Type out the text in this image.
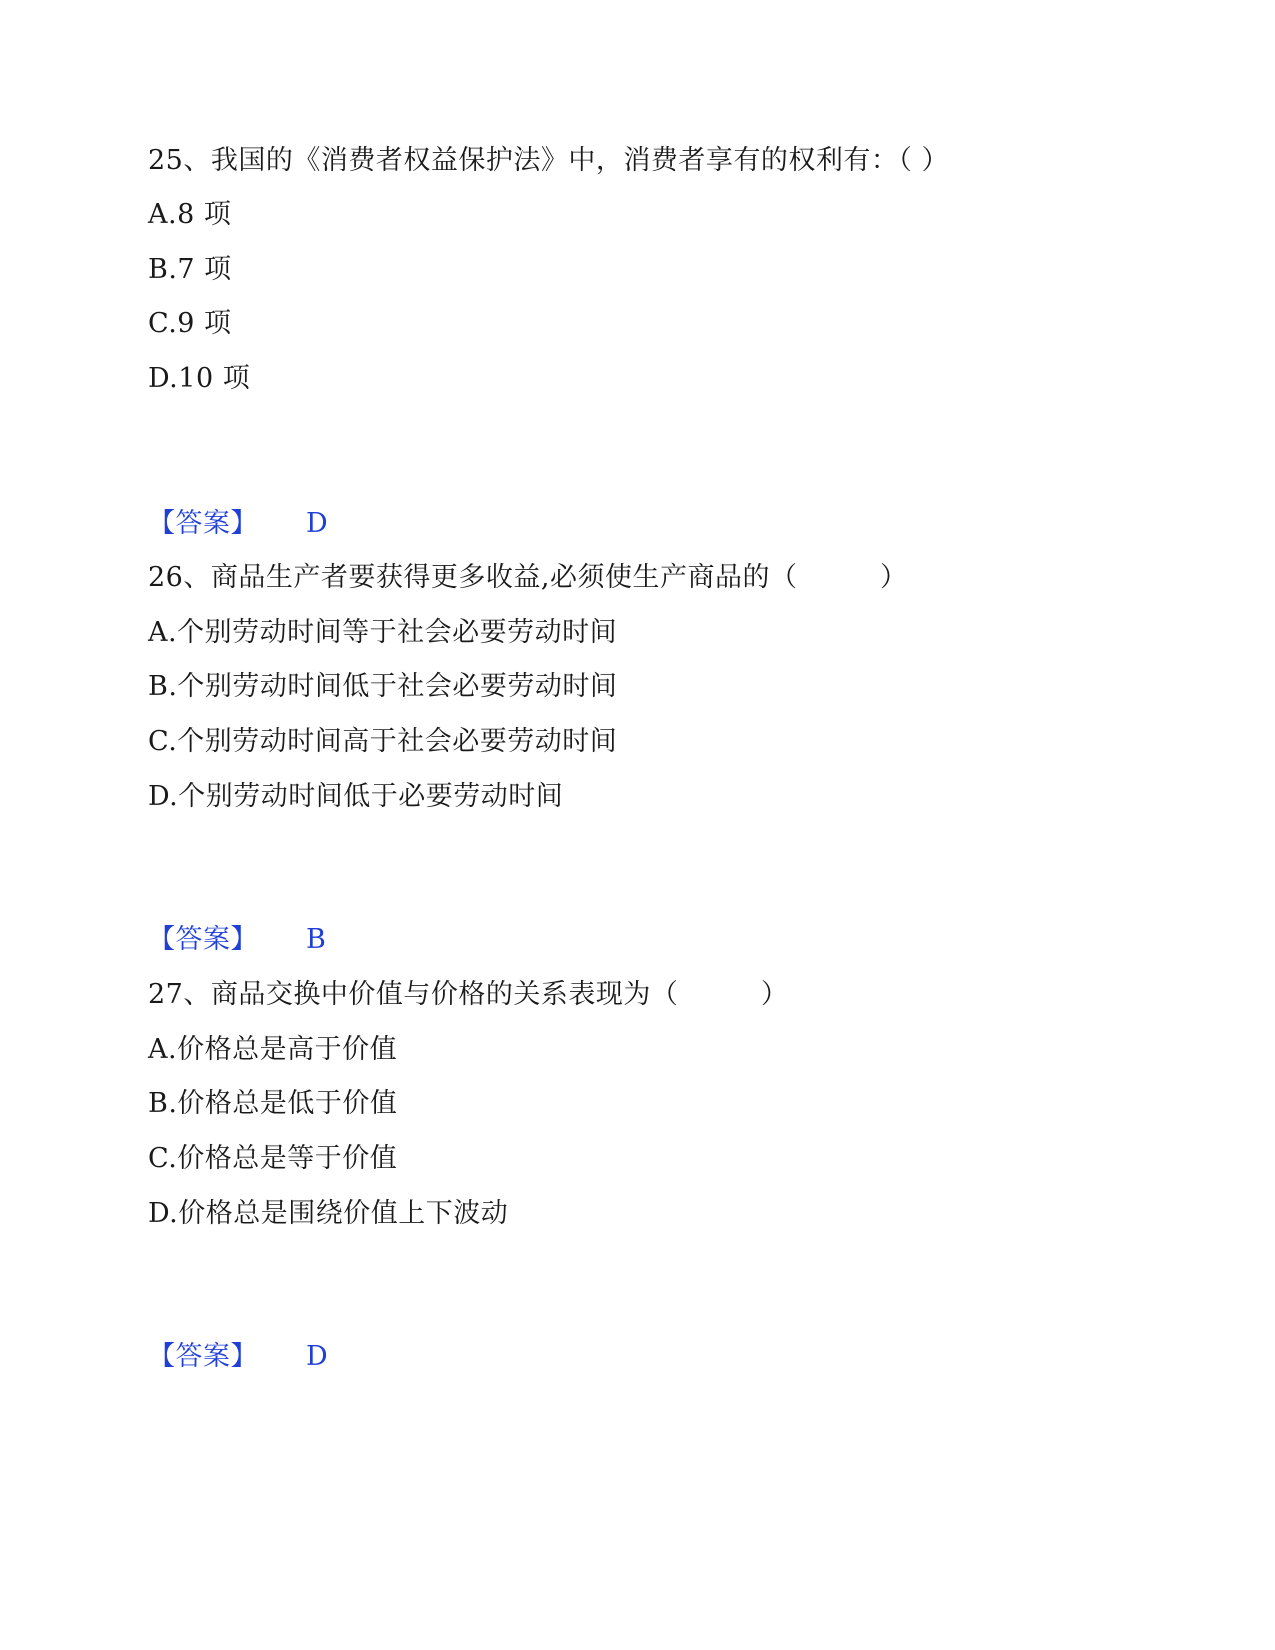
25、我国的《消费者权益保护法》中，消费者享有的权利有：（ ）
A.8 项
B.7 项
C.9 项
D.10 项
【答案】 D
26、商品生产者要获得更多收益,必须使生产商品的（　　　）
A.个别劳动时间等于社会必要劳动时间
B.个别劳动时间低于社会必要劳动时间
C.个别劳动时间高于社会必要劳动时间
D.个别劳动时间低于必要劳动时间
【答案】 B
27、商品交换中价值与价格的关系表现为（　　　）
A.价格总是高于价值
B.价格总是低于价值
C.价格总是等于价值
D.价格总是围绕价值上下波动
【答案】 D
